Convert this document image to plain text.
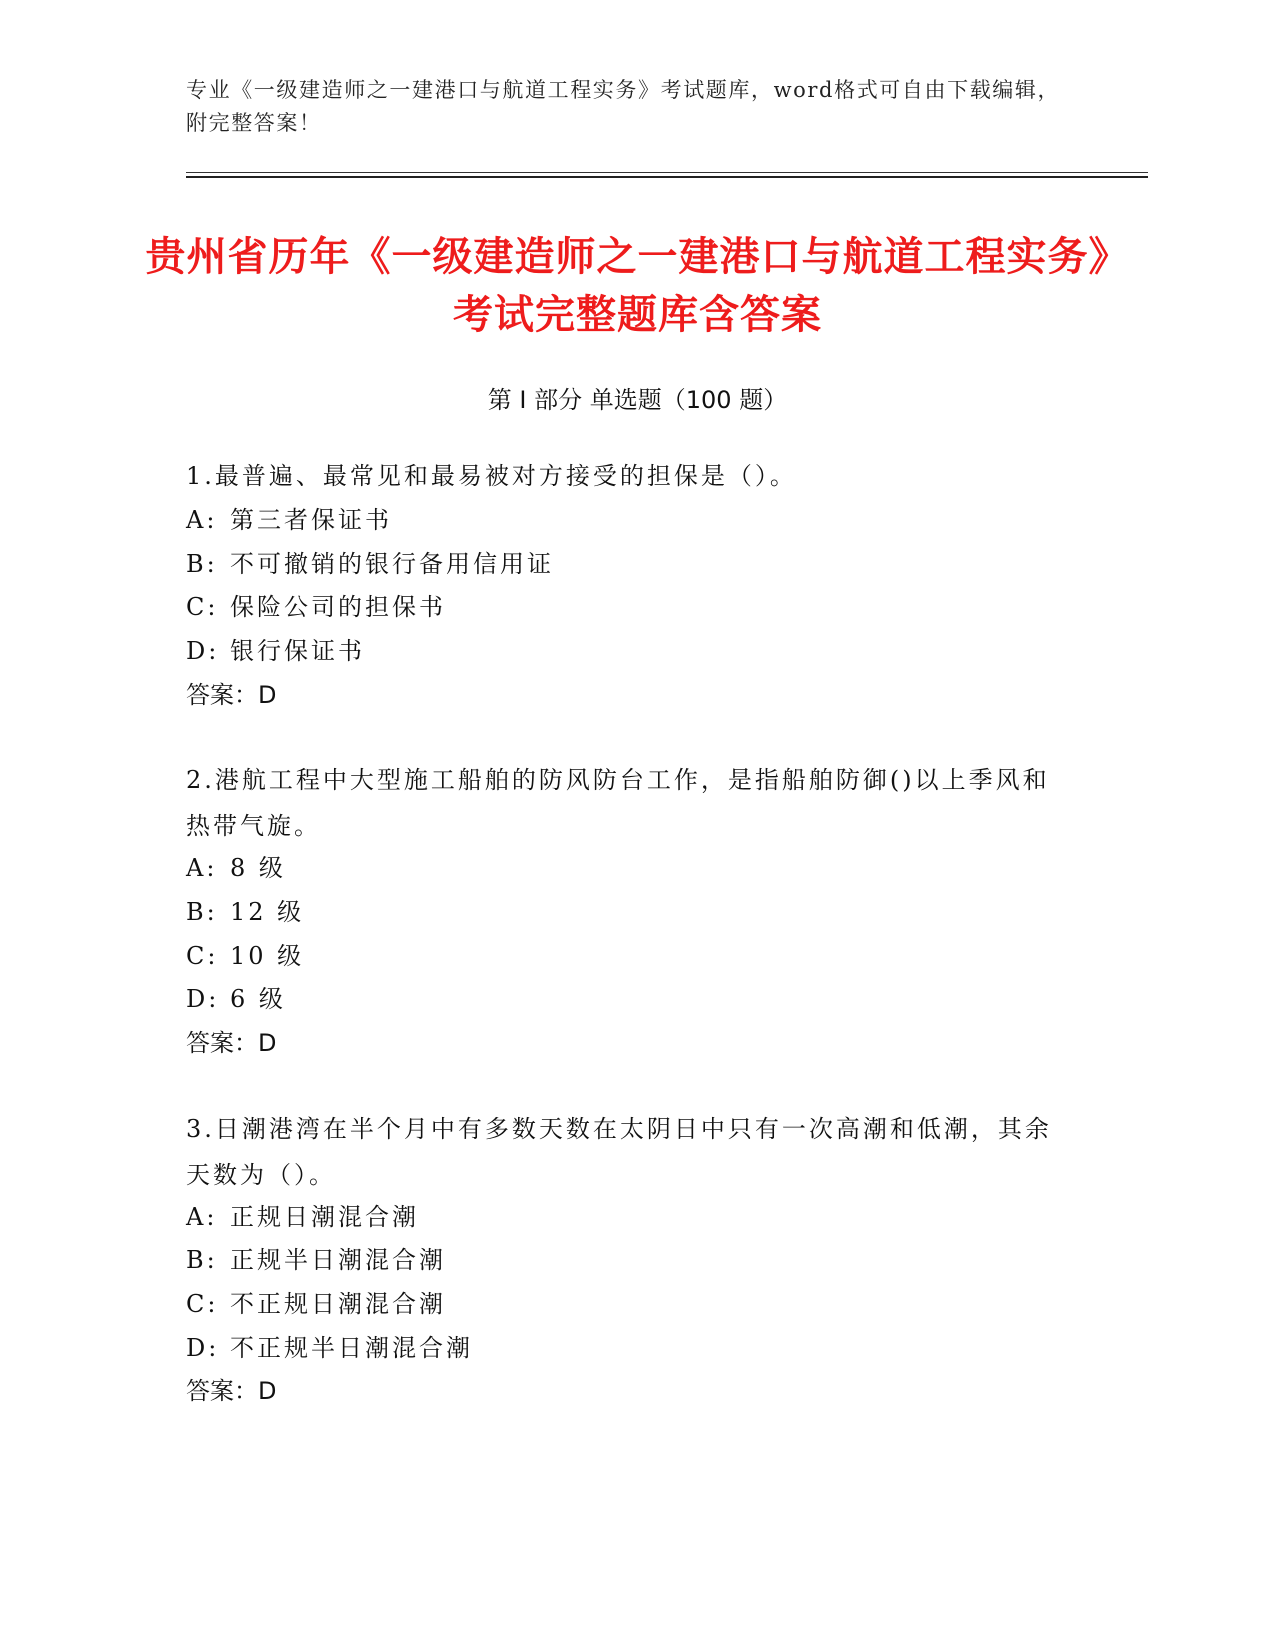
专业《一级建造师之一建港口与航道工程实务》考试题库，word格式可自由下载编辑，附完整答案！
贵州省历年《一级建造师之一建港口与航道工程实务》考试完整题库含答案
第 I 部分 单选题（100 题）
1.最普遍、最常见和最易被对方接受的担保是（）。
A: 第三者保证书
B: 不可撤销的银行备用信用证
C: 保险公司的担保书
D: 银行保证书
答案：D
2.港航工程中大型施工船舶的防风防台工作，是指船舶防御()以上季风和热带气旋。
A: 8 级
B: 12 级
C: 10 级
D: 6 级
答案：D
3.日潮港湾在半个月中有多数天数在太阴日中只有一次高潮和低潮，其余天数为（）。
A: 正规日潮混合潮
B: 正规半日潮混合潮
C: 不正规日潮混合潮
D: 不正规半日潮混合潮
答案：D
